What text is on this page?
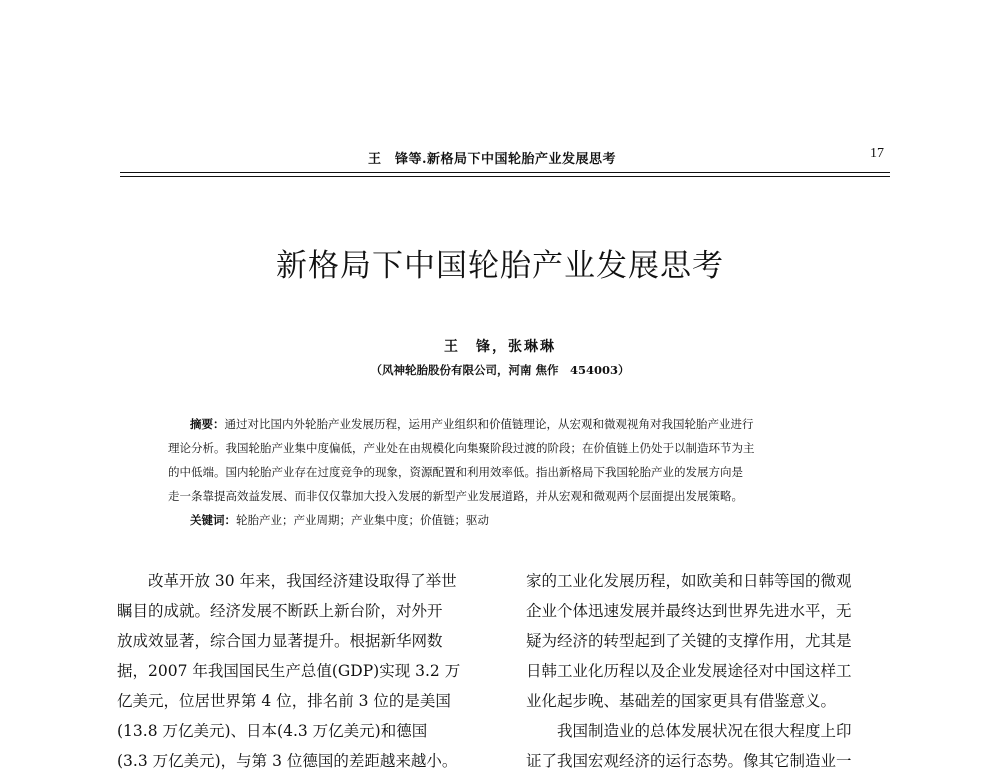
王　锋等.新格局下中国轮胎产业发展思考	17
新格局下中国轮胎产业发展思考
王　锋，张琳琳
（风神轮胎股份有限公司，河南 焦作　454003）
摘要：通过对比国内外轮胎产业发展历程，运用产业组织和价值链理论，从宏观和微观视角对我国轮胎产业进行
理论分析。我国轮胎产业集中度偏低，产业处在由规模化向集聚阶段过渡的阶段；在价值链上仍处于以制造环节为主
的中低端。国内轮胎产业存在过度竞争的现象，资源配置和利用效率低。指出新格局下我国轮胎产业的发展方向是
走一条靠提高效益发展、而非仅仅靠加大投入发展的新型产业发展道路，并从宏观和微观两个层面提出发展策略。
关键词：轮胎产业；产业周期；产业集中度；价值链；驱动
改革开放 30 年来，我国经济建设取得了举世
瞩目的成就。经济发展不断跃上新台阶，对外开
放成效显著，综合国力显著提升。根据新华网数
据，2007 年我国国民生产总值(GDP)实现 3.2 万
亿美元，位居世界第 4 位，排名前 3 位的是美国
(13.8 万亿美元)、日本(4.3 万亿美元)和德国
(3.3 万亿美元)，与第 3 位德国的差距越来越小。
家的工业化发展历程，如欧美和日韩等国的微观
企业个体迅速发展并最终达到世界先进水平，无
疑为经济的转型起到了关键的支撑作用，尤其是
日韩工业化历程以及企业发展途径对中国这样工
业化起步晚、基础差的国家更具有借鉴意义。
我国制造业的总体发展状况在很大程度上印
证了我国宏观经济的运行态势。像其它制造业一
